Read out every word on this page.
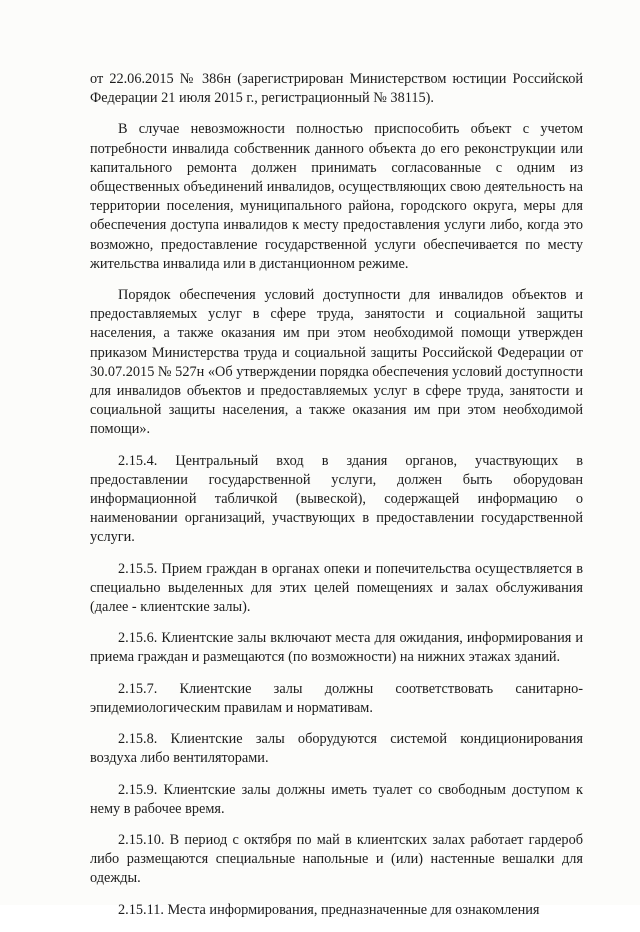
от 22.06.2015 № 386н (зарегистрирован Министерством юстиции Российской Федерации 21 июля 2015 г., регистрационный № 38115).

В случае невозможности полностью приспособить объект с учетом потребности инвалида собственник данного объекта до его реконструкции или капитального ремонта должен принимать согласованные с одним из общественных объединений инвалидов, осуществляющих свою деятельность на территории поселения, муниципального района, городского округа, меры для обеспечения доступа инвалидов к месту предоставления услуги либо, когда это возможно, предоставление государственной услуги обеспечивается по месту жительства инвалида или в дистанционном режиме.

Порядок обеспечения условий доступности для инвалидов объектов и предоставляемых услуг в сфере труда, занятости и социальной защиты населения, а также оказания им при этом необходимой помощи утвержден приказом Министерства труда и социальной защиты Российской Федерации от 30.07.2015 № 527н «Об утверждении порядка обеспечения условий доступности для инвалидов объектов и предоставляемых услуг в сфере труда, занятости и социальной защиты населения, а также оказания им при этом необходимой помощи».

2.15.4. Центральный вход в здания органов, участвующих в предоставлении государственной услуги, должен быть оборудован информационной табличкой (вывеской), содержащей информацию о наименовании организаций, участвующих в предоставлении государственной услуги.

2.15.5. Прием граждан в органах опеки и попечительства осуществляется в специально выделенных для этих целей помещениях и залах обслуживания (далее - клиентские залы).

2.15.6. Клиентские залы включают места для ожидания, информирования и приема граждан и размещаются (по возможности) на нижних этажах зданий.

2.15.7. Клиентские залы должны соответствовать санитарно-эпидемиологическим правилам и нормативам.

2.15.8. Клиентские залы оборудуются системой кондиционирования воздуха либо вентиляторами.

2.15.9. Клиентские залы должны иметь туалет со свободным доступом к нему в рабочее время.

2.15.10. В период с октября по май в клиентских залах работает гардероб либо размещаются специальные напольные и (или) настенные вешалки для одежды.

2.15.11. Места информирования, предназначенные для ознакомления
